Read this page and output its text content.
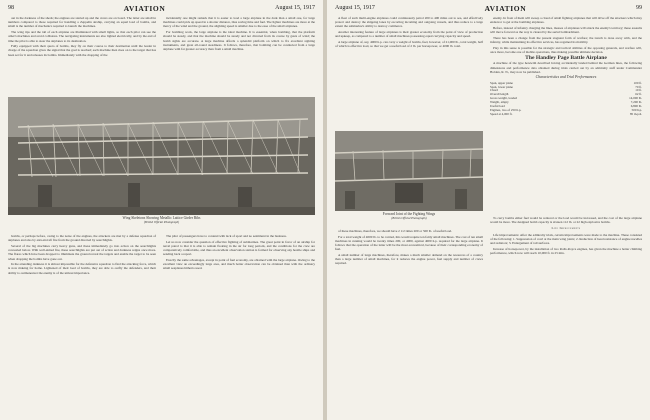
98	AVIATION	August 15, 1917

out in the darkness of the sheds; the engines are started up and the crews are on board. The latter are small in numbers compared to those required for handling a Zeppelin airship, carrying an equal load of bombs, and small is the number of mechanics required to launch the machines.

The wing tips and the tail of each airplane are illuminated with small lights, so that each pilot can see the other's machines and avoid collisions. The navigating instruments are also lighted electrically, and by the end of time the pilot is able to steer the airplanes to its destination.

Fully equipped with their quota of bombs, they fly on their course to their destination until the leader in charge of the squadron gives the signal that the goal is reached; each machine then rises on to the target that has been set for it and releases its bombs. Immediately with the dropping of the

incidentally one might remark that it is easier to load a large airplane in the dark than a small one, for large machines could pick up speed in a shorter distance, thus saving time and fuel. The lighter machines are more at the mercy of the wind and the ground, the alighting speed is smaller due to the ease of the small airplanes.

For bombing work, the large airplane is the ideal machine. It is essential, when bombing, that the platform should be steady, and that the machine should be steady and not diverted from its course by gusts of wind; the bomb sights are accurate. A large machine affords a splendid platform on which to fix excellent sighting instruments, and great all-round steadiness. It follows, therefore, that bombing can be conducted from a large airplane with far greater accuracy than from a small machine.

Wing Skeletons Showing Metallic Lattice Girder Ribs
(British Official Photograph)

bombs, or perhaps before, owing to the noise of the engines, the attackers are met by a defense squadron of airplanes and also by anti-aircraft fire from the ground directed by searchlights.

Several of the big machines carry heavy guns, and these immediately go into action on the searchlights concealed below. With well-aimed fire, these searchlights are put out of action and darkness reigns once more. The flares which have been dropped to illuminate the ground reveal the targets and enable the target to be seen when dropping the bombs have gone out.

In the attending darkness it is almost impossible for the defensive squadron to find the attacking force, which is now making for home. Lightened of their load of bombs, they are able to outfly the defenders, and their ability to outmaneuver the enemy is of the utmost importance.

The pilot of passengers have to contend with lack of sport and no sentiment in the business.

Let us now consider the question of effective fighting of submarines. The great point in favor of an airship for naval patrol is that it is able to remain floating in the air for long periods, and the conditions for the crew are comparatively comfortable, and thus an excellent observation station is formed for observing any hostile ships and sending back a report.

Exactly the same advantages, except in point of fuel economy, are obtained with the large airplane. Owing to the excellent view an exceedingly large area, and much better observation can be obtained than with the ordinary small seaplanes hitherto used.

August 15, 1917	AVIATION	99

A fleet of such multi-engine airplanes could continuously patrol 200 to 400 miles out to sea, and effectively protect and destroy the shipping lanes by escorting incoming and outgoing vessels, and thus reduce to a large extent the submarine's ability to destroy commerce.

Another interesting feature of large airplanes is their greater economy from the point of view of production and upkeep, as compared to a number of small machines possessing equal carrying capacity and speed.

A large airplane of, say, 4000 h.p. can carry a weight of bombs, fuel, however, of 21,000 lb., total weight, half of which is effective load, so that we get a useful load of 2 lb. per horsepower, or 4000 lb. total.

enemy. In front of them will sweep a cloud of small fighting airplanes that will drive off the attackers which may endeavor to get at the bombing airplanes.

Before, instead of infantry charging the lines, masses of airplanes will attack the enemy's territory; these assaults will move forward as the way is cleared by the aerial bombardment.

There has been a change from the present stagnant form of warfare; the trench is done away with, and the infantry, while maintaining its effective services, has regained its mobility.

Play in this sense is possible for the strategic and tactical abilities of the opposing generals, and warfare will, once more, become one of mobile operations, thus making possible ultimate decision.

The Handley Page Battle Airplane

A machine of the type herewith described having accidentally landed behind the German lines, the following dimensions and performance data obtained during trials carried out by an admiralty staff under Commander Holden, R. N., may now be published.

Characteristics and Trial Performances
Span, upper plane	100 ft.
Span, lower plane	70 ft.
Chord	10 ft.
Overall length	62 ft.
Gross weight, loaded	14,000 lb.
Weight, empty	7,200 lb.
Useful load	6,800 lb.
Engines, two of 250 h.p.	500 h.p.
Speed at 4,000 ft.	85 m.p.h.
Forward Joint of the Fighting Wings
(British Official Photograph)

of these machines, therefore, we should have 2 1/2 times 200 or 500 lb. of useful load.

For a total weight of 4000 lb. to be carried, this would require ten fairly small machines. The cost of ten small machines in running would be twenty times 200, or 4000, against 4000 h.p. required for the large airplane. It follows that the operation of the latter will be the most economical, because of their corresponding economy of fuel.

A small number of large machines, therefore, makes a much smaller demand on the resources of a country than a large number of small machines, for it reduces the engine power, fuel supply and number of crews required.

To carry bombs either fuel would be reduced or the load would be increased, and the cost of the large airplane would be more. The designed bomb capacity is sixteen 112 lb. or 22 high explosive bombs.

Life Improvements

Life improvements: After the admiralty trials, certain improvements were made to the machine. These consisted of the following: 1. Suppression of cowl at the main wing joints; 2. Reduction of head resistance of engine nacelles and radiators; 3. Enlargement of tail surfaces.

Increase of horsepower, by the installation of two Rolls-Royce engines, has given the machine a better climbing performance, which now will reach 10,000 ft. in 25 min.
